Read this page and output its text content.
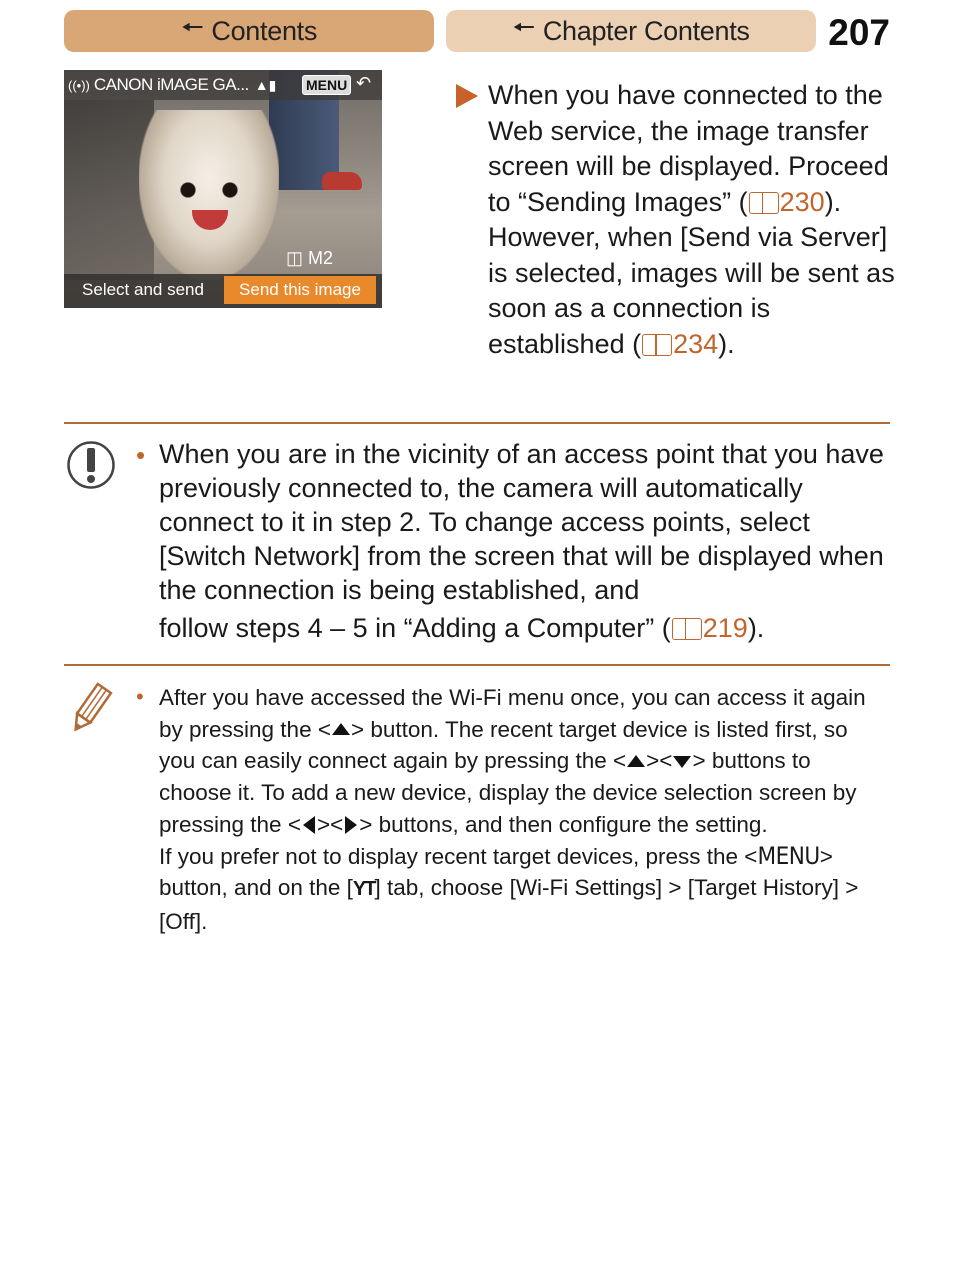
🠔 Contents	🠔 Chapter Contents 207
((•)) CANON iMAGE GA... ▲▮ MENU ↶
◫ M2
Select and send	Send this image
When you have connected to the Web service, the image transfer screen will be displayed. Proceed to “Sending Images” ( 230). However, when [Send via Server] is selected, images will be sent as soon as a connection is established ( 234).
• When you are in the vicinity of an access point that you have previously connected to, the camera will automatically connect to it in step 2. To change access points, select [Switch Network] from the screen that will be displayed when the connection is being established, and
follow steps 4 – 5 in “Adding a Computer” ( 219).
• After you have accessed the Wi-Fi menu once, you can access it again by pressing the < > button. The recent target device is listed first, so you can easily connect again by pressing the < >< > buttons to choose it. To add a new device, display the device selection screen by pressing the < >< > buttons, and then configure the setting.
If you prefer not to display recent target devices, press the <MENU> button, and on the [ΥΤ] tab, choose [Wi-Fi Settings] > [Target History] > [Off].
